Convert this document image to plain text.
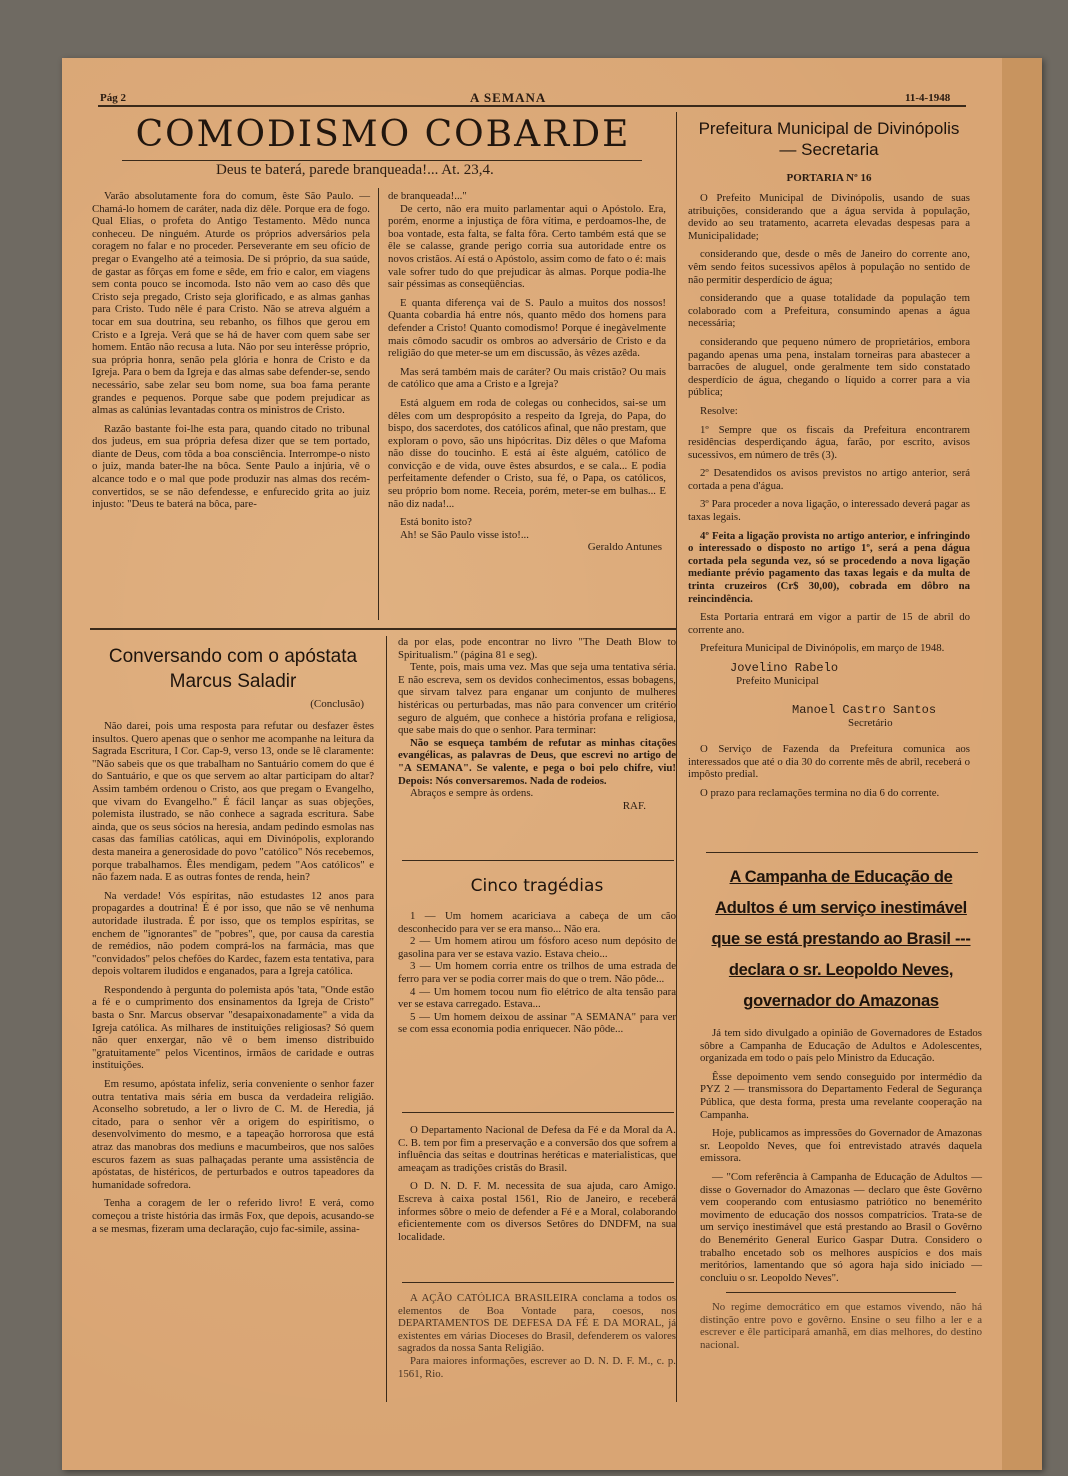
Pág 2	A SEMANA	11-4-1948
COMODISMO COBARDE
Deus te baterá, parede branqueada!... At. 23,4.

Varão absolutamente fora do comum, êste São Paulo. — Chamá-lo homem de caráter, nada diz dêle. Porque era de fogo. Qual Elias, o profeta do Antigo Testamento. Mêdo nunca conheceu. De ninguém. Aturde os próprios adversários pela coragem no falar e no proceder. Perseverante em seu ofício de pregar o Evangelho até a teimosia. De si próprio, da sua saúde, de gastar as fôrças em fome e sêde, em frio e calor, em viagens sem conta pouco se incomoda. Isto não vem ao caso dês que Cristo seja pregado, Cristo seja glorificado, e as almas ganhas para Cristo. Tudo nêle é para Cristo. Não se atreva alguém a tocar em sua doutrina, seu rebanho, os filhos que gerou em Cristo e a Igreja. Verá que se há de haver com quem sabe ser homem. Então não recusa a luta. Não por seu interêsse próprio, sua própria honra, senão pela glória e honra de Cristo e da Igreja. Para o bem da Igreja e das almas sabe defender-se, sendo necessário, sabe zelar seu bom nome, sua boa fama perante grandes e pequenos. Porque sabe que podem prejudicar as almas as calúnias levantadas contra os ministros de Cristo.

Razão bastante foi-lhe esta para, quando citado no tribunal dos judeus, em sua própria defesa dizer que se tem portado, diante de Deus, com tôda a boa consciência. Interrompe-o nisto o juiz, manda bater-lhe na bôca. Sente Paulo a injúria, vê o alcance todo e o mal que pode produzir nas almas dos recém-convertidos, se se não defendesse, e enfurecido grita ao juiz injusto: "Deus te baterá na bôca, pare-

de branqueada!..."

De certo, não era muito parlamentar aqui o Apóstolo. Era, porém, enorme a injustiça de fôra vítima, e perdoamos-lhe, de boa vontade, esta falta, se falta fôra. Certo também está que se êle se calasse, grande perigo corria sua autoridade entre os novos cristãos. Aí está o Apóstolo, assim como de fato o é: mais vale sofrer tudo do que prejudicar às almas. Porque podia-lhe sair péssimas as conseqüências.

E quanta diferença vai de S. Paulo a muitos dos nossos! Quanta cobardia há entre nós, quanto mêdo dos homens para defender a Cristo! Quanto comodismo! Porque é inegàvelmente mais cômodo sacudir os ombros ao adversário de Cristo e da religião do que meter-se um em discussão, às vêzes azêda.

Mas será também mais de caráter? Ou mais cristão? Ou mais de católico que ama a Cristo e a Igreja?

Está alguem em roda de colegas ou conhecidos, sai-se um dêles com um despropósito a respeito da Igreja, do Papa, do bispo, dos sacerdotes, dos católicos afinal, que não prestam, que exploram o povo, são uns hipócritas. Diz dêles o que Mafoma não disse do toucinho. E está aí êste alguém, católico de convicção e de vida, ouve êstes absurdos, e se cala... E podia perfeitamente defender o Cristo, sua fé, o Papa, os católicos, seu próprio bom nome. Receia, porém, meter-se em bulhas... E não diz nada!...

Está bonito isto?

Ah! se São Paulo visse isto!...

Geraldo Antunes

Prefeitura Municipal de Divinópolis — Secretaria
PORTARIA Nº 16

O Prefeito Municipal de Divinópolis, usando de suas atribuições, considerando que a água servida à população, devido ao seu tratamento, acarreta elevadas despesas para a Municipalidade;

considerando que, desde o mês de Janeiro do corrente ano, vêm sendo feitos sucessivos apêlos à população no sentido de não permitir desperdício de água;

considerando que a quase totalidade da população tem colaborado com a Prefeitura, consumindo apenas a água necessária;

considerando que pequeno número de proprietários, embora pagando apenas uma pena, instalam torneiras para abastecer a barracões de aluguel, onde geralmente tem sido constatado desperdício de água, chegando o líquido a correr para a via pública;

Resolve:

1º Sempre que os fiscais da Prefeitura encontrarem residências desperdiçando água, farão, por escrito, avisos sucessivos, em número de três (3).

2º Desatendidos os avisos previstos no artigo anterior, será cortada a pena d'água.

3º Para proceder a nova ligação, o interessado deverá pagar as taxas legais.

4º Feita a ligação provista no artigo anterior, e infringindo o interessado o disposto no artigo 1º, será a pena dágua cortada pela segunda vez, só se procedendo a nova ligação mediante prévio pagamento das taxas legais e da multa de trinta cruzeiros (Cr$ 30,00), cobrada em dôbro na reincindência.

Esta Portaria entrará em vigor a partir de 15 de abril do corrente ano.

Prefeitura Municipal de Divinópolis, em março de 1948.

Jovelino Rabelo
Prefeito Municipal
Manoel Castro Santos
Secretário

O Serviço de Fazenda da Prefeitura comunica aos interessados que até o dia 30 do corrente mês de abril, receberá o impôsto predial.

O prazo para reclamações termina no dia 6 do corrente.

A Campanha de Educação de Adultos é um serviço inestimável que se está prestando ao Brasil --- declara o sr. Leopoldo Neves, governador do Amazonas

Já tem sido divulgado a opinião de Governadores de Estados sôbre a Campanha de Educação de Adultos e Adolescentes, organizada em todo o país pelo Ministro da Educação.

Êsse depoimento vem sendo conseguido por intermédio da PYZ 2 — transmissora do Departamento Federal de Segurança Pública, que desta forma, presta uma revelante cooperação na Campanha.

Hoje, publicamos as impressões do Governador de Amazonas sr. Leopoldo Neves, que foi entrevistado através daquela emissora.

— "Com referência à Campanha de Educação de Adultos — disse o Governador do Amazonas — declaro que êste Govêrno vem cooperando com entusiasmo patriótico no benemérito movimento de educação dos nossos compatrícios. Trata-se de um serviço inestimável que está prestando ao Brasil o Govêrno do Benemérito General Eurico Gaspar Dutra. Considero o trabalho encetado sob os melhores auspícios e dos mais meritórios, lamentando que só agora haja sido iniciado — concluiu o sr. Leopoldo Neves".

No regime democrático em que estamos vivendo, não há distinção entre povo e govêrno. Ensine o seu filho a ler e a escrever e êle participará amanhã, em dias melhores, do destino nacional.

Conversando com o apóstata Marcus Saladir
(Conclusão)

Não darei, pois uma resposta para refutar ou desfazer êstes insultos. Quero apenas que o senhor me acompanhe na leitura da Sagrada Escritura, I Cor. Cap-9, verso 13, onde se lê claramente: "Não sabeis que os que trabalham no Santuário comem do que é do Santuário, e que os que servem ao altar participam do altar? Assim também ordenou o Cristo, aos que pregam o Evangelho, que vivam do Evangelho." É fácil lançar as suas objeções, polemista ilustrado, se não conhece a sagrada escritura. Sabe ainda, que os seus sócios na heresia, andam pedindo esmolas nas casas das famílias católicas, aqui em Divinópolis, explorando desta maneira a generosidade do povo "católico" Nós recebemos, porque trabalhamos. Êles mendigam, pedem "Aos católicos" e não fazem nada. E as outras fontes de renda, hein?

Na verdade! Vós espíritas, não estudastes 12 anos para propagardes a doutrina! É é por isso, que não se vê nenhuma autoridade ilustrada. É por isso, que os templos espíritas, se enchem de "ignorantes" de "pobres", que, por causa da carestia de remédios, não podem comprá-los na farmácia, mas que "convidados" pelos chefões do Kardec, fazem esta tentativa, para depois voltarem iludidos e enganados, para a Igreja católica.

Respondendo à pergunta do polemista após 'tata, "Onde estão a fé e o cumprimento dos ensinamentos da Igreja de Cristo" basta o Snr. Marcus observar "desapaixonadamente" a vida da Igreja católica. As milhares de instituições religiosas? Só quem não quer enxergar, não vê o bem imenso distribuido "gratuitamente" pelos Vicentinos, irmãos de caridade e outras instituições.

Em resumo, apóstata infeliz, seria conveniente o senhor fazer outra tentativa mais séria em busca da verdadeira religião. Aconselho sobretudo, a ler o livro de C. M. de Heredia, já citado, para o senhor vêr a origem do espiritismo, o desenvolvimento do mesmo, e a tapeação horrorosa que está atraz das manobras dos mediuns e macumbeiros, que nos salões escuros fazem as suas palhaçadas perante uma assistência de apóstatas, de histéricos, de perturbados e outros tapeadores da humanidade sofredora.

Tenha a coragem de ler o referido livro! E verá, como começou a triste história das irmãs Fox, que depois, acusando-se a se mesmas, fizeram uma declaração, cujo fac-simile, assina-

da por elas, pode encontrar no livro "The Death Blow to Spiritualism." (página 81 e seg).

Tente, pois, mais uma vez. Mas que seja uma tentativa séria. E não escreva, sem os devidos conhecimentos, essas bobagens, que sirvam talvez para enganar um conjunto de mulheres histéricas ou perturbadas, mas não para convencer um critério seguro de alguém, que conhece a história profana e religiosa, que sabe mais do que o senhor. Para terminar:

Não se esqueça também de refutar as minhas citações evangélicas, as palavras de Deus, que escrevi no artigo de "A SEMANA". Se valente, e pega o boi pelo chifre, viu! Depois: Nós conversaremos. Nada de rodeios.

Abraços e sempre às ordens.

RAF.

Cinco tragédias

1 — Um homem acariciava a cabeça de um cão desconhecido para ver se era manso... Não era.

2 — Um homem atirou um fósforo aceso num depósito de gasolina para ver se estava vazio. Estava cheio...

3 — Um homem corria entre os trilhos de uma estrada de ferro para ver se podia correr mais do que o trem. Não pôde...

4 — Um homem tocou num fio elétrico de alta tensão para ver se estava carregado. Estava...

5 — Um homem deixou de assinar "A SEMANA" para ver se com essa economia podia enriquecer. Não pôde...

O Departamento Nacional de Defesa da Fé e da Moral da A. C. B. tem por fim a preservação e a conversão dos que sofrem a influência das seitas e doutrinas heréticas e materialisticas, que ameaçam as tradições cristãs do Brasil.

O D. N. D. F. M. necessita de sua ajuda, caro Amigo. Escreva à caixa postal 1561, Rio de Janeiro, e receberá informes sôbre o meio de defender a Fé e a Moral, colaborando eficientemente com os diversos Setôres do DNDFM, na sua localidade.

A AÇÃO CATÓLICA BRASILEIRA conclama a todos os elementos de Boa Vontade para, coesos, nos DEPARTAMENTOS DE DEFESA DA FÉ E DA MORAL, já existentes em várias Dioceses do Brasil, defenderem os valores sagrados da nossa Santa Religião.

Para maiores informações, escrever ao D. N. D. F. M., c. p. 1561, Rio.
